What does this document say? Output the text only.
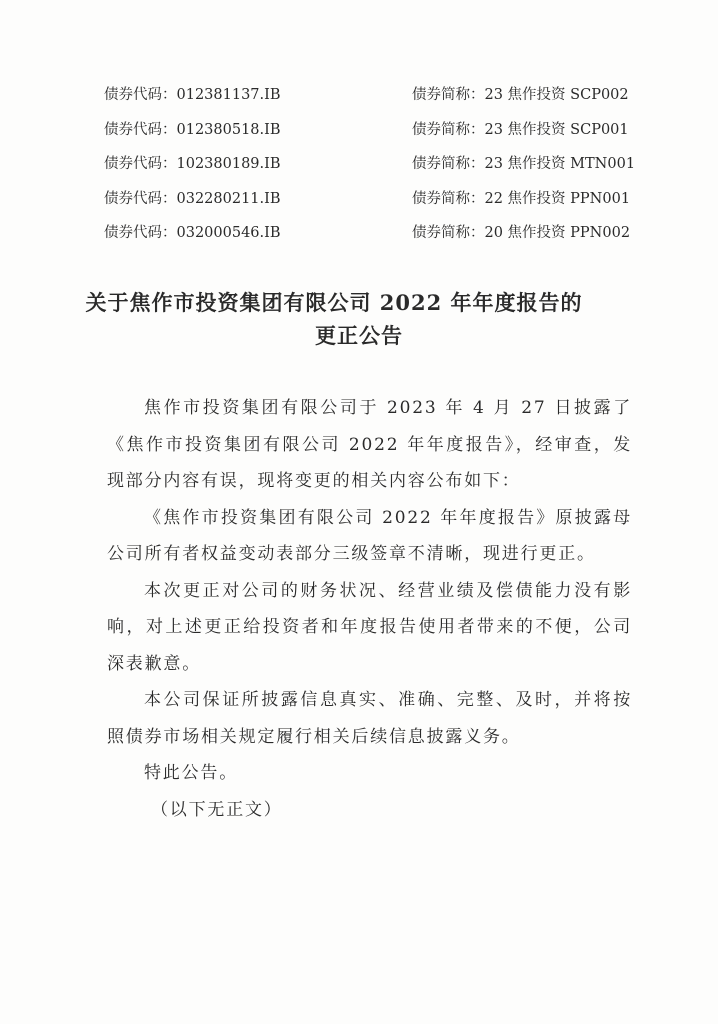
债券代码：012381137.IB	债券简称：23 焦作投资 SCP002
债券代码：012380518.IB	债券简称：23 焦作投资 SCP001
债券代码：102380189.IB	债券简称：23 焦作投资 MTN001
债券代码：032280211.IB	债券简称：22 焦作投资 PPN001
债券代码：032000546.IB	债券简称：20 焦作投资 PPN002
关于焦作市投资集团有限公司 2022 年年度报告的
更正公告

焦作市投资集团有限公司于 2023 年 4 月 27 日披露了《焦作市投资集团有限公司 2022 年年度报告》，经审查，发现部分内容有误，现将变更的相关内容公布如下：

《焦作市投资集团有限公司 2022 年年度报告》原披露母公司所有者权益变动表部分三级签章不清晰，现进行更正。

本次更正对公司的财务状况、经营业绩及偿债能力没有影响，对上述更正给投资者和年度报告使用者带来的不便，公司深表歉意。

本公司保证所披露信息真实、准确、完整、及时，并将按照债券市场相关规定履行相关后续信息披露义务。

特此公告。

（以下无正文）
